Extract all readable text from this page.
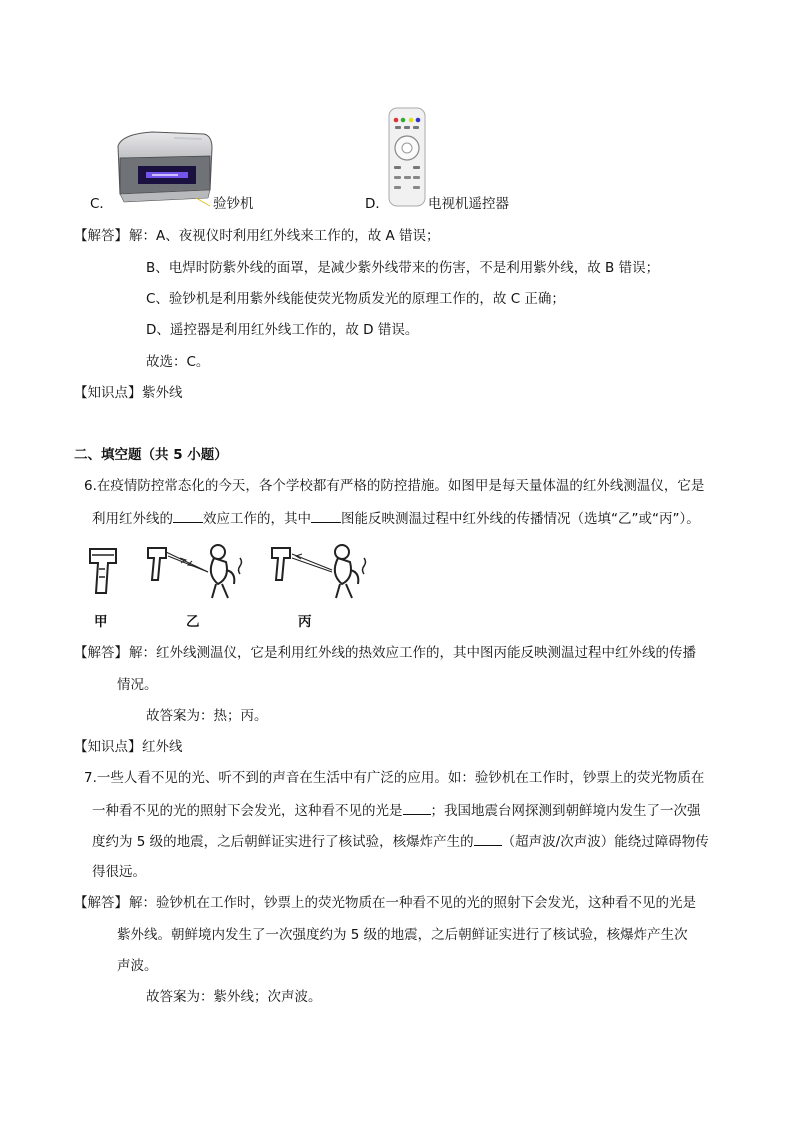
C．	验钞机	D．	电视机遥控器
【解答】 解：A、夜视仪时利用红外线来工作的，故 A 错误；
B、电焊时防紫外线的面罩，是减少紫外线带来的伤害，不是利用紫外线，故 B 错误；
C、验钞机是利用紫外线能使荧光物质发光的原理工作的，故 C 正确；
D、遥控器是利用红外线工作的，故 D 错误。
故选：C。
【知识点】 紫外线
二、填空题（共 5 小题）
6.在疫情防控常态化的今天，各个学校都有严格的防控措施。如图甲是每天量体温的红外线测温仪，它是
利用红外线的 效应工作的，其中 图能反映测温过程中红外线的传播情况（选填“乙”或“丙”）。
甲	乙	丙
【解答】 解：红外线测温仪，它是利用红外线的热效应工作的，其中图丙能反映测温过程中红外线的传播
情况。
故答案为：热；丙。
【知识点】 红外线
7.一些人看不见的光、听不到的声音在生活中有广泛的应用。如：验钞机在工作时，钞票上的荧光物质在
一种看不见的光的照射下会发光，这种看不见的光是 ；我国地震台网探测到朝鲜境内发生了一次强
度约为 5 级的地震，之后朝鲜证实进行了核试验，核爆炸产生的 （超声波/次声波）能绕过障碍物传
得很远。
【解答】 解：验钞机在工作时，钞票上的荧光物质在一种看不见的光的照射下会发光，这种看不见的光是
紫外线。朝鲜境内发生了一次强度约为 5 级的地震，之后朝鲜证实进行了核试验，核爆炸产生次
声波。
故答案为：紫外线；次声波。
